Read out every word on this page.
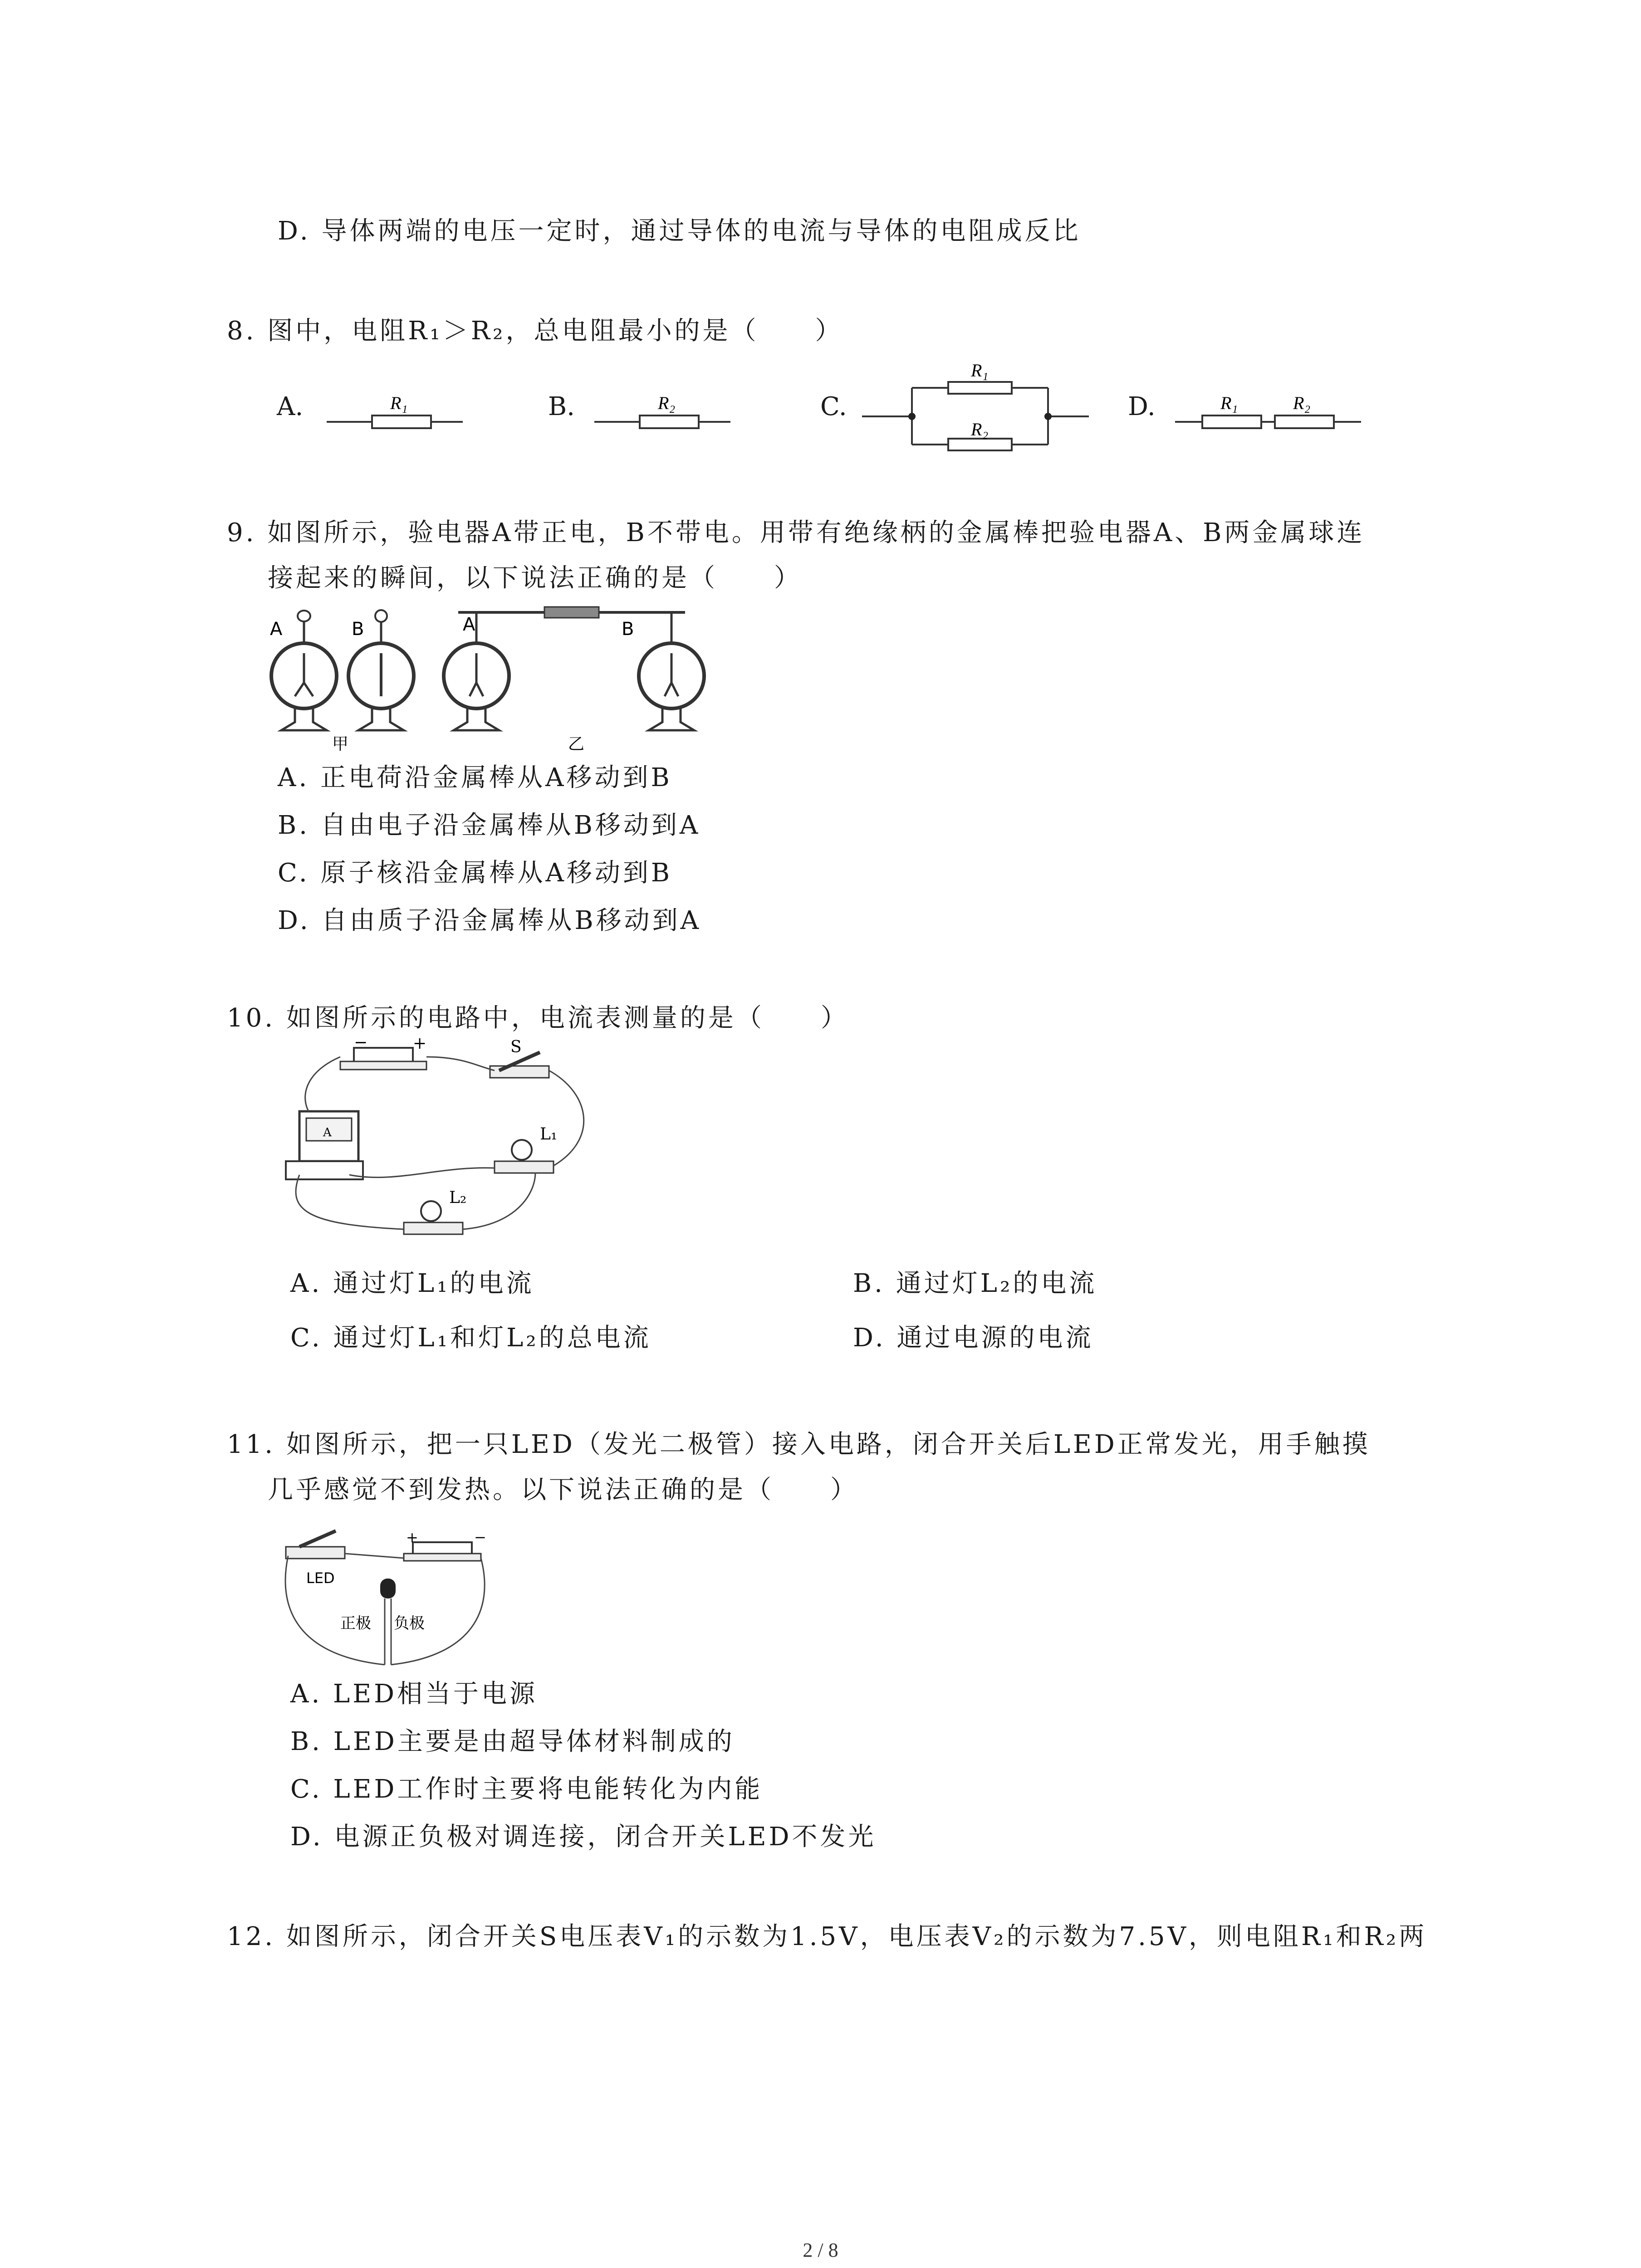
D. 导体两端的电压一定时，通过导体的电流与导体的电阻成反比
8. 图中，电阻R₁＞R₂，总电阻最小的是（　　）
A.	B.	C.	D.
R₁	R₂
R₁
R₂
R₁	R₂
9. 如图所示，验电器A带正电，B不带电。用带有绝缘柄的金属棒把验电器A、B两金属球连
接起来的瞬间，以下说法正确的是（　　）
A	B	A	B
甲	乙
A. 正电荷沿金属棒从A移动到B
B. 自由电子沿金属棒从B移动到A
C. 原子核沿金属棒从A移动到B
D. 自由质子沿金属棒从B移动到A
10. 如图所示的电路中，电流表测量的是（　　）
−	+	S
A	L₁
L₂
A. 通过灯L₁的电流	B. 通过灯L₂的电流
C. 通过灯L₁和灯L₂的总电流	D. 通过电源的电流
11. 如图所示，把一只LED（发光二极管）接入电路，闭合开关后LED正常发光，用手触摸
几乎感觉不到发热。以下说法正确的是（　　）
+	−
LED
正极 负极
A. LED相当于电源
B. LED主要是由超导体材料制成的
C. LED工作时主要将电能转化为内能
D. 电源正负极对调连接，闭合开关LED不发光
12. 如图所示，闭合开关S电压表V₁的示数为1.5V，电压表V₂的示数为7.5V，则电阻R₁和R₂两
2 / 8
